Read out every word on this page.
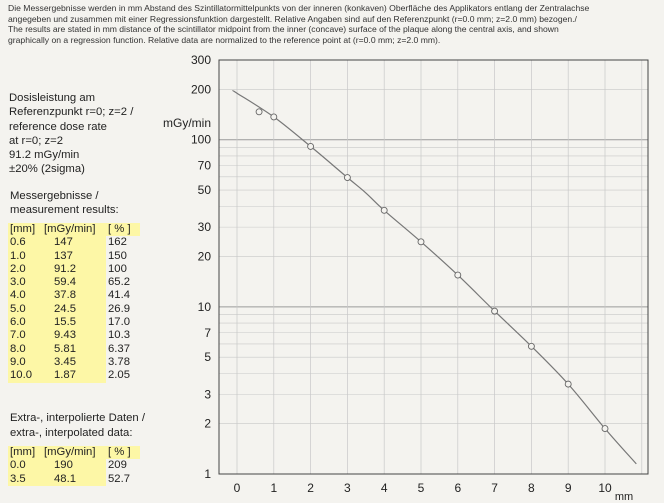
Die Messergebnisse werden in mm Abstand des Szintillatormittelpunkts von der inneren (konkaven) Oberfläche des Applikators entlang der Zentralachse
angegeben und zusammen mit einer Regressionsfunktion dargestellt. Relative Angaben sind auf den Referenzpunkt (r=0.0 mm; z=2.0 mm) bezogen./
The results are stated in mm distance of the scintillator midpoint from the inner (concave) surface of the plaque along the central axis, and shown
graphically on a regression function. Relative data are normalized to the reference point at (r=0.0 mm; z=2.0 mm).
Dosisleistung am
Referenzpunkt r=0; z=2 /
reference dose rate
at r=0; z=2
91.2 mGy/min
±20% (2sigma)
Messergebnisse /
measurement results:
[mm] [mGy/min]	[ % ]
0.6	147	162
1.0	137	150
2.0	91.2	100
3.0	59.4	65.2
4.0	37.8	41.4
5.0	24.5	26.9
6.0	15.5	17.0
7.0	9.43	10.3
8.0	5.81	6.37
9.0	3.45	3.78
10.0	1.87	2.05
Extra-, interpolierte Daten /
extra-, interpolated data:
[mm] [mGy/min]	[ % ]
0.0	190	209
3.5	48.1	52.7
300
200
100
70
50
30
20
10
7
5
3
2
1
0	1	2	3	4	5	6	7	8	9 10
mGy/min
mm
